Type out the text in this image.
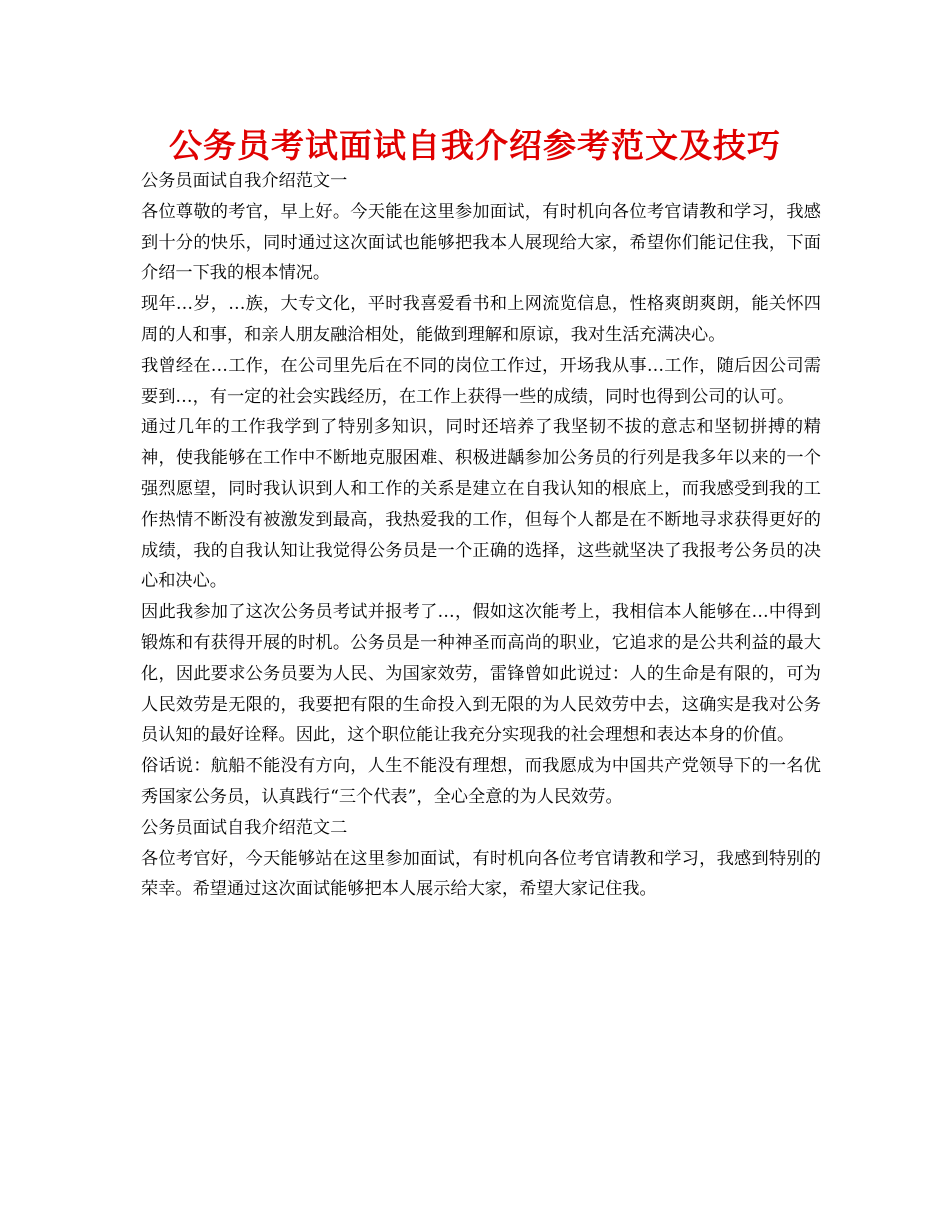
公务员考试面试自我介绍参考范文及技巧

公务员面试自我介绍范文一

各位尊敬的考官，早上好。今天能在这里参加面试，有时机向各位考官请教和学习，我感到十分的快乐，同时通过这次面试也能够把我本人展现给大家，希望你们能记住我，下面介绍一下我的根本情况。

现年…岁，…族，大专文化，平时我喜爱看书和上网流览信息，性格爽朗爽朗，能关怀四周的人和事，和亲人朋友融洽相处，能做到理解和原谅，我对生活充满决心。

我曾经在…工作，在公司里先后在不同的岗位工作过，开场我从事…工作，随后因公司需要到…，有一定的社会实践经历，在工作上获得一些的成绩，同时也得到公司的认可。

通过几年的工作我学到了特别多知识，同时还培养了我坚韧不拔的意志和坚韧拼搏的精神，使我能够在工作中不断地克服困难、积极进龋参加公务员的行列是我多年以来的一个强烈愿望，同时我认识到人和工作的关系是建立在自我认知的根底上，而我感受到我的工作热情不断没有被激发到最高，我热爱我的工作，但每个人都是在不断地寻求获得更好的成绩，我的自我认知让我觉得公务员是一个正确的选择，这些就坚决了我报考公务员的决心和决心。

因此我参加了这次公务员考试并报考了…，假如这次能考上，我相信本人能够在…中得到锻炼和有获得开展的时机。公务员是一种神圣而高尚的职业，它追求的是公共利益的最大化，因此要求公务员要为人民、为国家效劳，雷锋曾如此说过：人的生命是有限的，可为人民效劳是无限的，我要把有限的生命投入到无限的为人民效劳中去，这确实是我对公务员认知的最好诠释。因此，这个职位能让我充分实现我的社会理想和表达本身的价值。

俗话说：航船不能没有方向，人生不能没有理想，而我愿成为中国共产党领导下的一名优秀国家公务员，认真践行“三个代表”，全心全意的为人民效劳。

公务员面试自我介绍范文二

各位考官好，今天能够站在这里参加面试，有时机向各位考官请教和学习，我感到特别的荣幸。希望通过这次面试能够把本人展示给大家，希望大家记住我。
